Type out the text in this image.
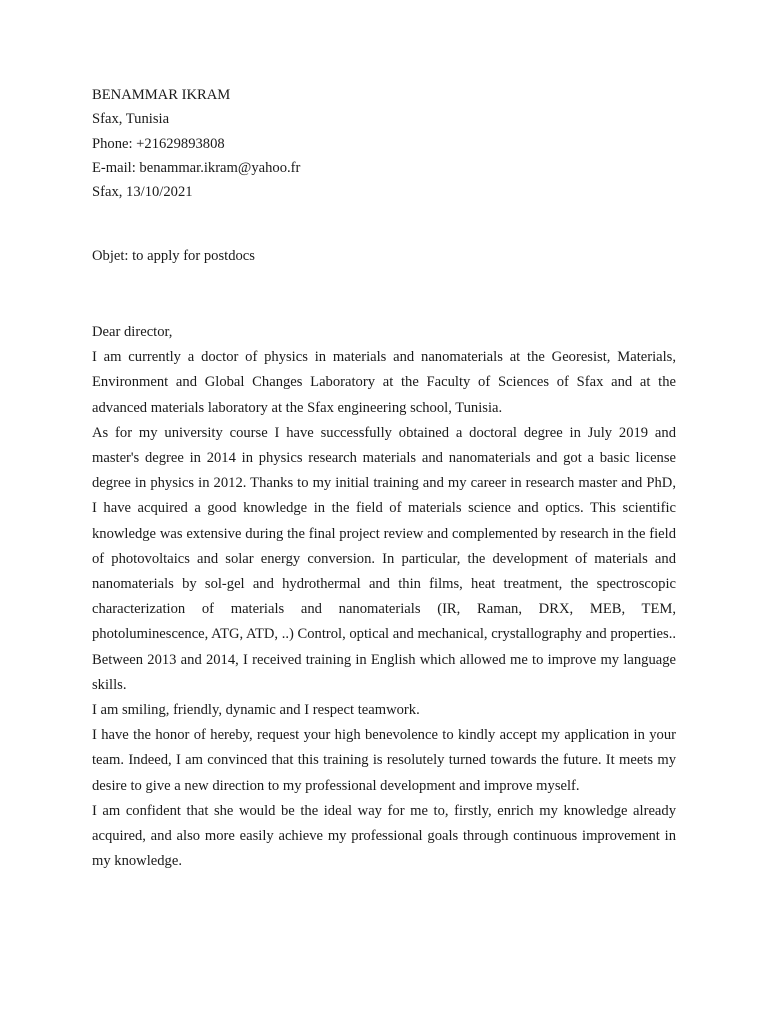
BENAMMAR IKRAM
Sfax, Tunisia
Phone: +21629893808
E-mail: benammar.ikram@yahoo.fr
Sfax, 13/10/2021
Objet: to apply for postdocs
Dear director,

I am currently a doctor of physics in materials and nanomaterials at the Georesist, Materials, Environment and Global Changes Laboratory at the Faculty of Sciences of Sfax and at the advanced materials laboratory at the Sfax engineering school, Tunisia.

As for my university course I have successfully obtained a doctoral degree in July 2019 and master's degree in 2014 in physics research materials and nanomaterials and got a basic license degree in physics in 2012. Thanks to my initial training and my career in research master and PhD, I have acquired a good knowledge in the field of materials science and optics. This scientific knowledge was extensive during the final project review and complemented by research in the field of photovoltaics and solar energy conversion. In particular, the development of materials and nanomaterials by sol-gel and hydrothermal and thin films, heat treatment, the spectroscopic characterization of materials and nanomaterials (IR, Raman, DRX, MEB, TEM, photoluminescence, ATG, ATD, ..) Control, optical and mechanical, crystallography and properties..

Between 2013 and 2014, I received training in English which allowed me to improve my language skills.

I am smiling, friendly, dynamic and I respect teamwork.

I have the honor of hereby, request your high benevolence to kindly accept my application in your team. Indeed, I am convinced that this training is resolutely turned towards the future. It meets my desire to give a new direction to my professional development and improve myself.

I am confident that she would be the ideal way for me to, firstly, enrich my knowledge already acquired, and also more easily achieve my professional goals through continuous improvement in my knowledge.
